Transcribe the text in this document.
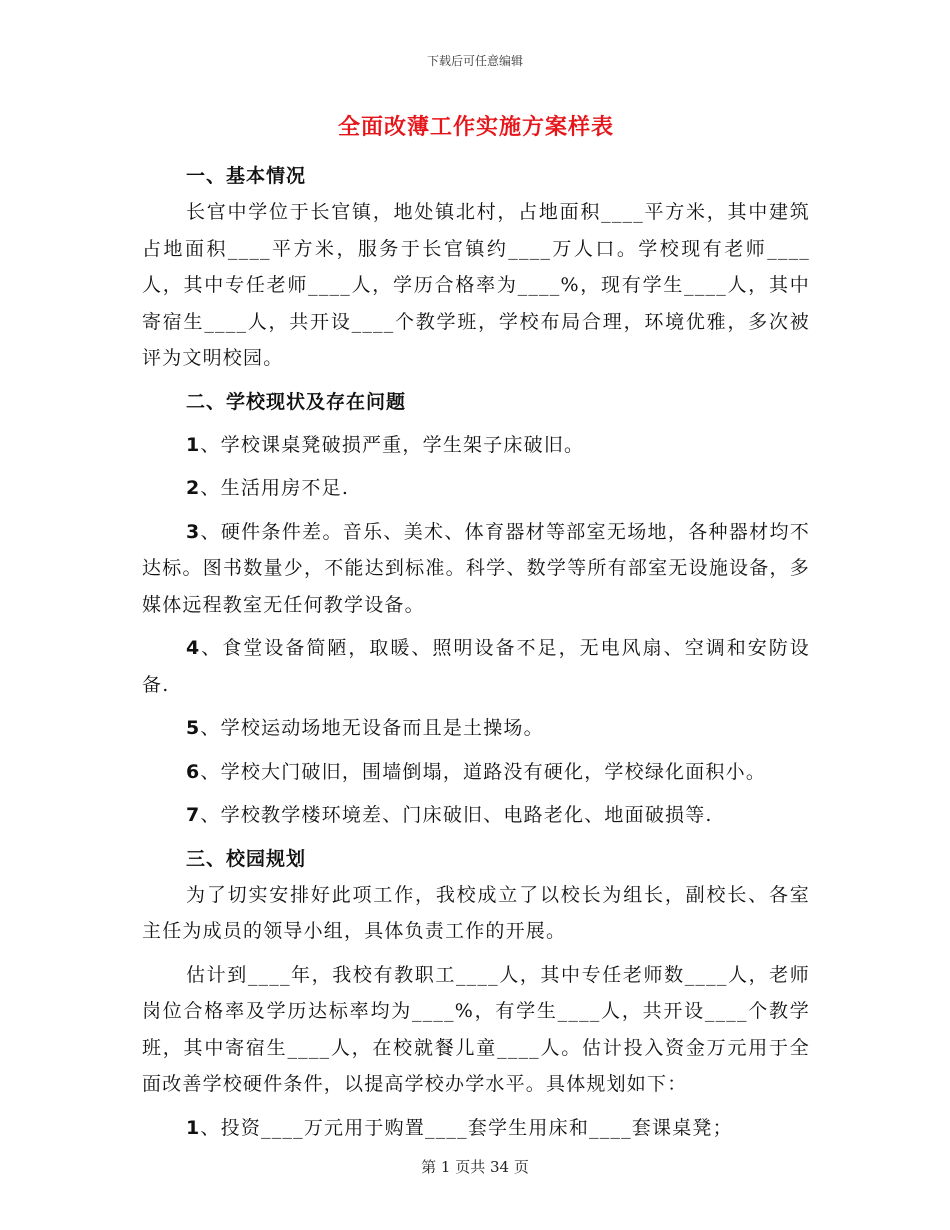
下载后可任意编辑
全面改薄工作实施方案样表

一、基本情况

长官中学位于长官镇，地处镇北村，占地面积____平方米，其中建筑占地面积____平方米，服务于长官镇约____万人口。学校现有老师____人，其中专任老师____人，学历合格率为____%，现有学生____人，其中寄宿生____人，共开设____个教学班，学校布局合理，环境优雅，多次被评为文明校园。

二、学校现状及存在问题

1、学校课桌凳破损严重，学生架子床破旧。

2、生活用房不足.

3、硬件条件差。音乐、美术、体育器材等部室无场地，各种器材均不达标。图书数量少，不能达到标准。科学、数学等所有部室无设施设备，多媒体远程教室无任何教学设备。

4、食堂设备简陋，取暖、照明设备不足，无电风扇、空调和安防设备.

5、学校运动场地无设备而且是土操场。

6、学校大门破旧，围墙倒塌，道路没有硬化，学校绿化面积小。

7、学校教学楼环境差、门床破旧、电路老化、地面破损等.

三、校园规划

为了切实安排好此项工作，我校成立了以校长为组长，副校长、各室主任为成员的领导小组，具体负责工作的开展。

估计到____年，我校有教职工____人，其中专任老师数____人，老师岗位合格率及学历达标率均为____%，有学生____人，共开设____个教学班，其中寄宿生____人，在校就餐儿童____人。估计投入资金万元用于全面改善学校硬件条件，以提高学校办学水平。具体规划如下：

1、投资____万元用于购置____套学生用床和____套课桌凳；

第 1 页共 34 页
